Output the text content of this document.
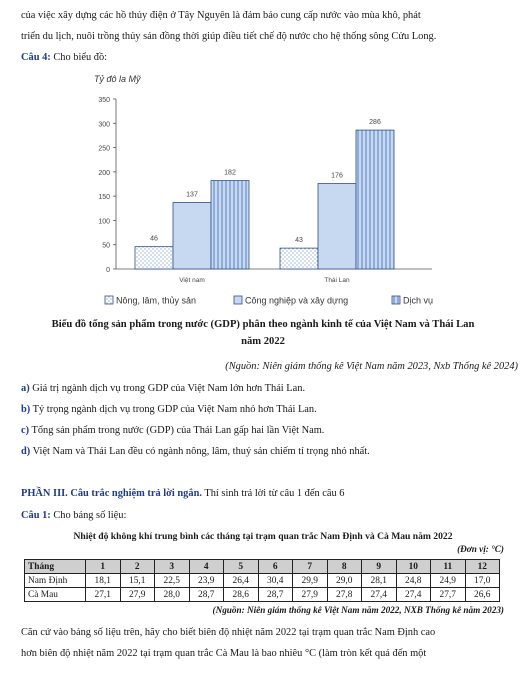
của việc xây dựng các hồ thủy điện ở Tây Nguyên là đảm bảo cung cấp nước vào mùa khô, phát
triển du lịch, nuôi trồng thủy sản đồng thời giúp điều tiết chế độ nước cho hệ thống sông Cửu Long.
Câu 4: Cho biểu đồ:
Tỷ đô la Mỹ
0
50
100
150
200
250
300
350
46
137
182
Việt nam
43
176
286
Thái Lan
Nông, lâm, thủy sản	Công nghiệp và xây dựng	Dịch vụ
Biểu đồ tổng sản phẩm trong nước (GDP) phân theo ngành kinh tế của Việt Nam và Thái Lan
năm 2022
(Nguồn: Niên giám thống kê Việt Nam năm 2023, Nxb Thống kê 2024)
a) Giá trị ngành dịch vụ trong GDP của Việt Nam lớn hơn Thái Lan.
b) Tỷ trọng ngành dịch vụ trong GDP của Việt Nam nhỏ hơn Thái Lan.
c) Tổng sản phẩm trong nước (GDP) của Thái Lan gấp hai lần Việt Nam.
d) Việt Nam và Thái Lan đều có ngành nông, lâm, thuỷ sản chiếm tỉ trọng nhỏ nhất.
PHẦN III. Câu trắc nghiệm trả lời ngắn. Thí sinh trả lời từ câu 1 đến câu 6
Câu 1: Cho bảng số liệu:
Nhiệt độ không khí trung bình các tháng tại trạm quan trắc Nam Định và Cà Mau năm 2022
(Đơn vị: °C)
Tháng	1	2	3	4	5	6	7	8	9	10	11	12
Nam Định	18,1	15,1	22,5	23,9	26,4	30,4	29,9	29,0	28,1	24,8	24,9	17,0
Cà Mau	27,1	27,9	28,0	28,7	28,6	28,7	27,9	27,8	27,4	27,4	27,7	26,6
(Nguồn: Niên giám thống kê Việt Nam năm 2022, NXB Thống kê năm 2023)
Căn cứ vào bảng số liệu trên, hãy cho biết biên độ nhiệt năm 2022 tại trạm quan trắc Nam Định cao
hơn biên độ nhiệt năm 2022 tại trạm quan trắc Cà Mau là bao nhiêu °C (làm tròn kết quả đến một
